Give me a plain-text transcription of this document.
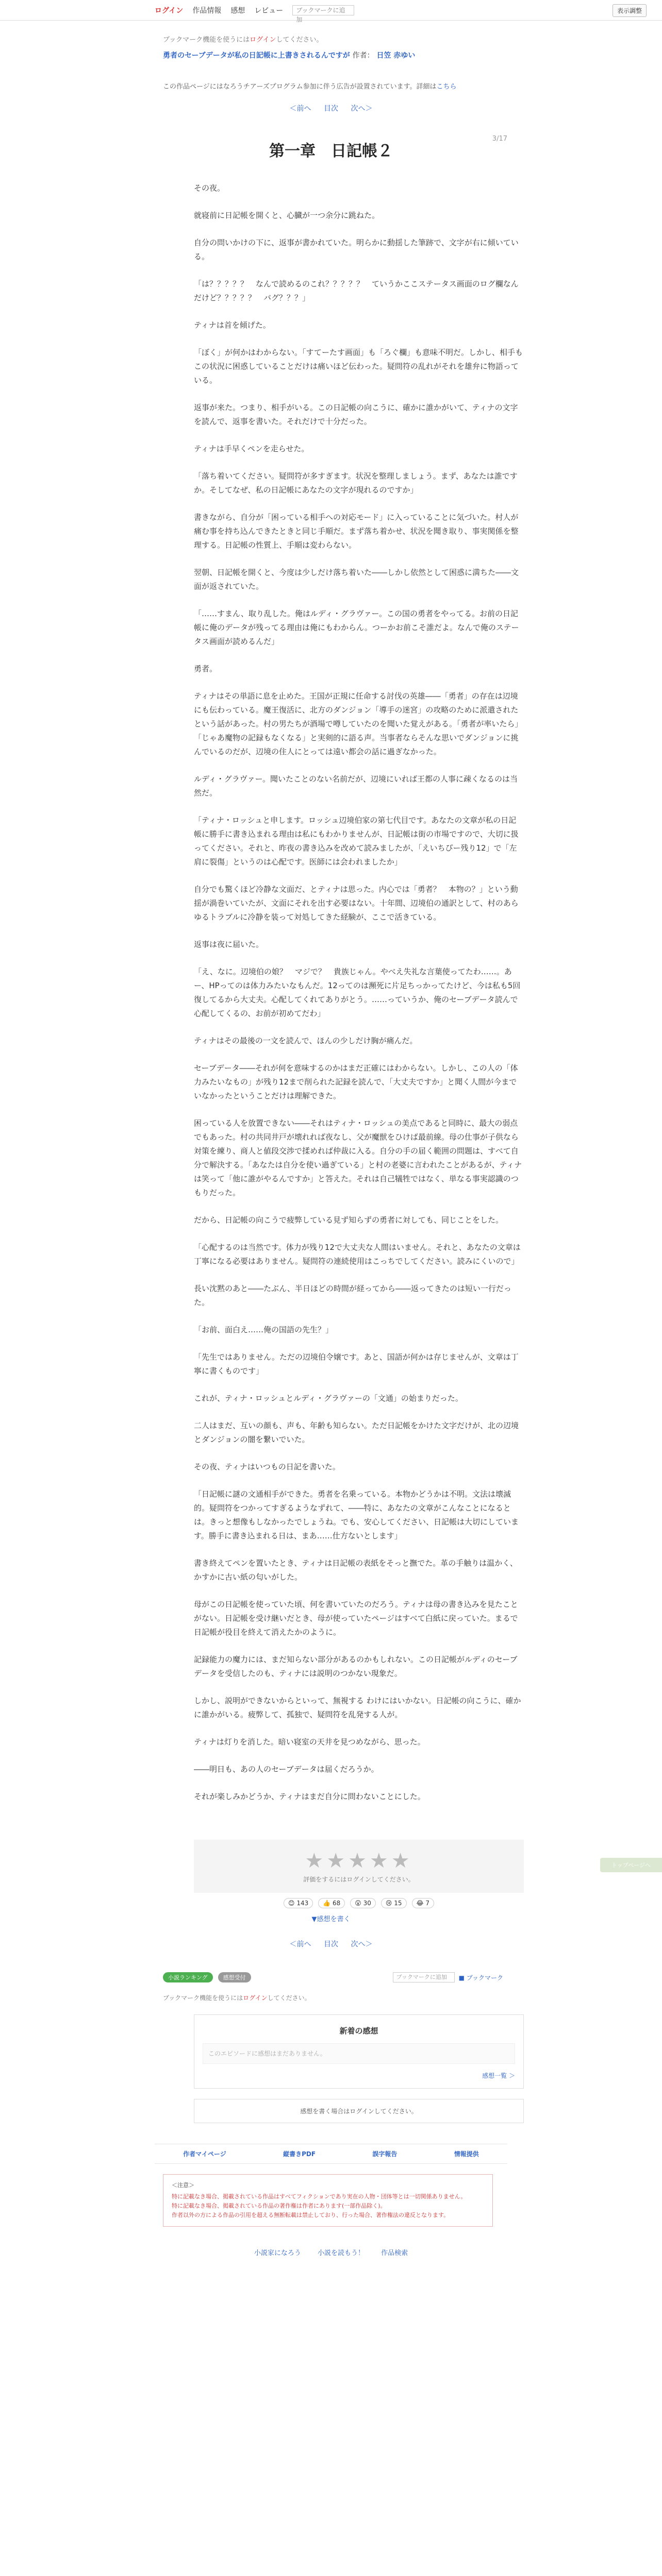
ログイン 作品情報 感想 レビュー	ブックマークに追加
表示調整
ブックマーク機能を使うにはログインしてください。
勇者のセーブデータが私の日記帳に上書きされるんですが 作者： 日笠 赤ゆい
この作品ページにはなろうチアーズプログラム参加に伴う広告が設置されています。詳細はこちら
＜前へ 目次 次へ＞
3/17
第一章　日記帳２

その夜。

就寝前に日記帳を開くと、心臓が一つ余分に跳ねた。

自分の問いかけの下に、返事が書かれていた。明らかに動揺した筆跡で、文字が右に傾いている。

「は？？？？？　なんで読めるのこれ？？？？？　ていうかここステータス画面のログ欄なんだけど？？？？？　バグ？？？」

ティナは首を傾げた。

「ぼく」が何かはわからない。「すてーたす画面」も「ろぐ欄」も意味不明だ。しかし、相手もこの状況に困惑していることだけは痛いほど伝わった。疑問符の乱れがそれを雄弁に物語っている。

返事が来た。つまり、相手がいる。この日記帳の向こうに、確かに誰かがいて、ティナの文字を読んで、返事を書いた。それだけで十分だった。

ティナは手早くペンを走らせた。

「落ち着いてください。疑問符が多すぎます。状況を整理しましょう。まず、あなたは誰ですか。そしてなぜ、私の日記帳にあなたの文字が現れるのですか」

書きながら、自分が「困っている相手への対応モード」に入っていることに気づいた。村人が痛む事を持ち込んできたときと同じ手順だ。まず落ち着かせ、状況を聞き取り、事実関係を整理する。日記帳の性質上、手順は変わらない。

翌朝、日記帳を開くと、今度は少しだけ落ち着いた――しかし依然として困惑に満ちた――文面が返されていた。

「……すまん、取り乱した。俺はルディ・グラヴァー。この国の勇者をやってる。お前の日記帳に俺のデータが残ってる理由は俺にもわからん。つーかお前こそ誰だよ。なんで俺のステータス画面が読めるんだ」

勇者。

ティナはその単語に息を止めた。王国が正規に任命する討伐の英雄――「勇者」の存在は辺境にも伝わっている。魔王復活に、北方のダンジョン「導手の迷宮」の攻略のために派遣されたという話があった。村の男たちが酒場で噂していたのを聞いた覚えがある。「勇者が率いたら」「じゃあ魔物の記録もなくなる」と実剣的に語る声。当事者ならそんな思いでダンジョンに挑んでいるのだが、辺境の住人にとっては遠い都会の話に過ぎなかった。

ルディ・グラヴァー。聞いたことのない名前だが、辺境にいれば王都の人事に疎くなるのは当然だ。

「ティナ・ロッシュと申します。ロッシュ辺境伯家の第七代目です。あなたの文章が私の日記帳に勝手に書き込まれる理由は私にもわかりませんが、日記帳は街の市場ですので、大切に扱ってください。それと、昨夜の書き込みを改めて読みましたが、「えいちぴー残り12」で「左肩に裂傷」というのは心配です。医師には会われましたか」

自分でも驚くほど冷静な文面だ、とティナは思った。内心では「勇者？　本物の？」という動揺が渦巻いていたが、文面にそれを出す必要はない。十年間、辺境伯の通訳として、村のあらゆるトラブルに冷静を装って対処してきた経験が、ここで活きている。

返事は夜に届いた。

「え、なに。辺境伯の娘？　マジで？　貴族じゃん。やべえ失礼な言葉使ってたわ……。あー、HPってのは体力みたいなもんだ。12ってのは瀕死に片足ちっかってたけど、今は私も5回復してるから大丈夫。心配してくれてありがとう。……っていうか、俺のセーブデータ読んで心配してくるの、お前が初めてだわ」

ティナはその最後の一文を読んで、ほんの少しだけ胸が痛んだ。

セーブデータ――それが何を意味するのかはまだ正確にはわからない。しかし、この人の「体力みたいなもの」が残り12まで削られた記録を読んで、「大丈夫ですか」と聞く人間が今までいなかったということだけは理解できた。

困っている人を放置できない――それはティナ・ロッシュの美点であると同時に、最大の弱点でもあった。村の共同井戸が壊れれば夜なし、父が魔獣をひけば最前線。母の仕事が子供なら対策を練り、商人と値段交渉で揉めれば仲裁に入る。自分の手の届く範囲の問題は、すべて自分で解決する。「あなたは自分を使い過ぎている」と村の老婆に言われたことがあるが、ティナは笑って「他に誰がやるんですか」と答えた。それは自己犠牲ではなく、単なる事実認識のつもりだった。

だから、日記帳の向こうで疲弊している見ず知らずの勇者に対しても、同じことをした。

「心配するのは当然です。体力が残り12で大丈夫な人間はいません。それと、あなたの文章は丁寧になる必要はありません。疑問符の連続使用はこっちでしてください。読みにくいので」

長い沈黙のあと――たぶん、半日ほどの時間が経ってから――返ってきたのは短い一行だった。

「お前、面白え……俺の国語の先生？」

「先生ではありません。ただの辺境伯令嬢です。あと、国語が何かは存じませんが、文章は丁寧に書くものです」

これが、ティナ・ロッシュとルディ・グラヴァーの「文通」の始まりだった。

二人はまだ、互いの顔も、声も、年齢も知らない。ただ日記帳をかけた文字だけが、北の辺境とダンジョンの闇を繋いでいた。

その夜、ティナはいつもの日記を書いた。

「日記帳に謎の文通相手ができた。勇者を名乗っている。本物かどうかは不明。文法は壊滅的。疑問符をつかってすぎるようなずれて、――特に、あなたの文章がこんなことになるとは。きっと想像もしなかったでしょうね。でも、安心してください、日記帳は大切にしています。勝手に書き込まれる日は、まあ……仕方ないとします」

書き終えてペンを置いたとき、ティナは日記帳の表紙をそっと撫でた。革の手触りは温かく、かすかに古い紙の匂いがした。

母がこの日記帳を使っていた頃、何を書いていたのだろう。ティナは母の書き込みを見たことがない。日記帳を受け継いだとき、母が使っていたページはすべて白紙に戻っていた。まるで日記帳が役目を終えて消えたかのように。

記録能力の魔力には、まだ知らない部分があるのかもしれない。この日記帳がルディのセーブデータを受信したのも、ティナには説明のつかない現象だ。

しかし、説明ができないからといって、無視する わけにはいかない。日記帳の向こうに、確かに誰かがいる。疲弊して、孤独で、疑問符を乱発する人が。

ティナは灯りを消した。暗い寝室の天井を見つめながら、思った。

――明日も、あの人のセーブデータは届くだろうか。

それが楽しみかどうか、ティナはまだ自分に問わないことにした。

トップページへ
★★★★★
評価をするにはログインしてください。
😊 143	👍 68	😮 30	😢 15	😂 7
▼感想を書く
＜前へ 目次 次へ＞
小説ランキング	感想受付	ブックマークに追加	■ ブックマーク
ブックマーク機能を使うにはログインしてください。
新着の感想
このエピソードに感想はまだありません。
感想一覧 ＞
感想を書く場合はログインしてください。
作者マイページ	縦書きPDF	誤字報告	情報提供
＜注意＞
特に記載なき場合、掲載されている作品はすべてフィクションであり実在の人物・団体等とは一切関係ありません。
特に記載なき場合、掲載されている作品の著作権は作者にあります(一部作品除く)。
作者以外の方による作品の引用を超える無断転載は禁止しており、行った場合、著作権法の違反となります。
小説家になろう 小説を読もう！ 作品検索
